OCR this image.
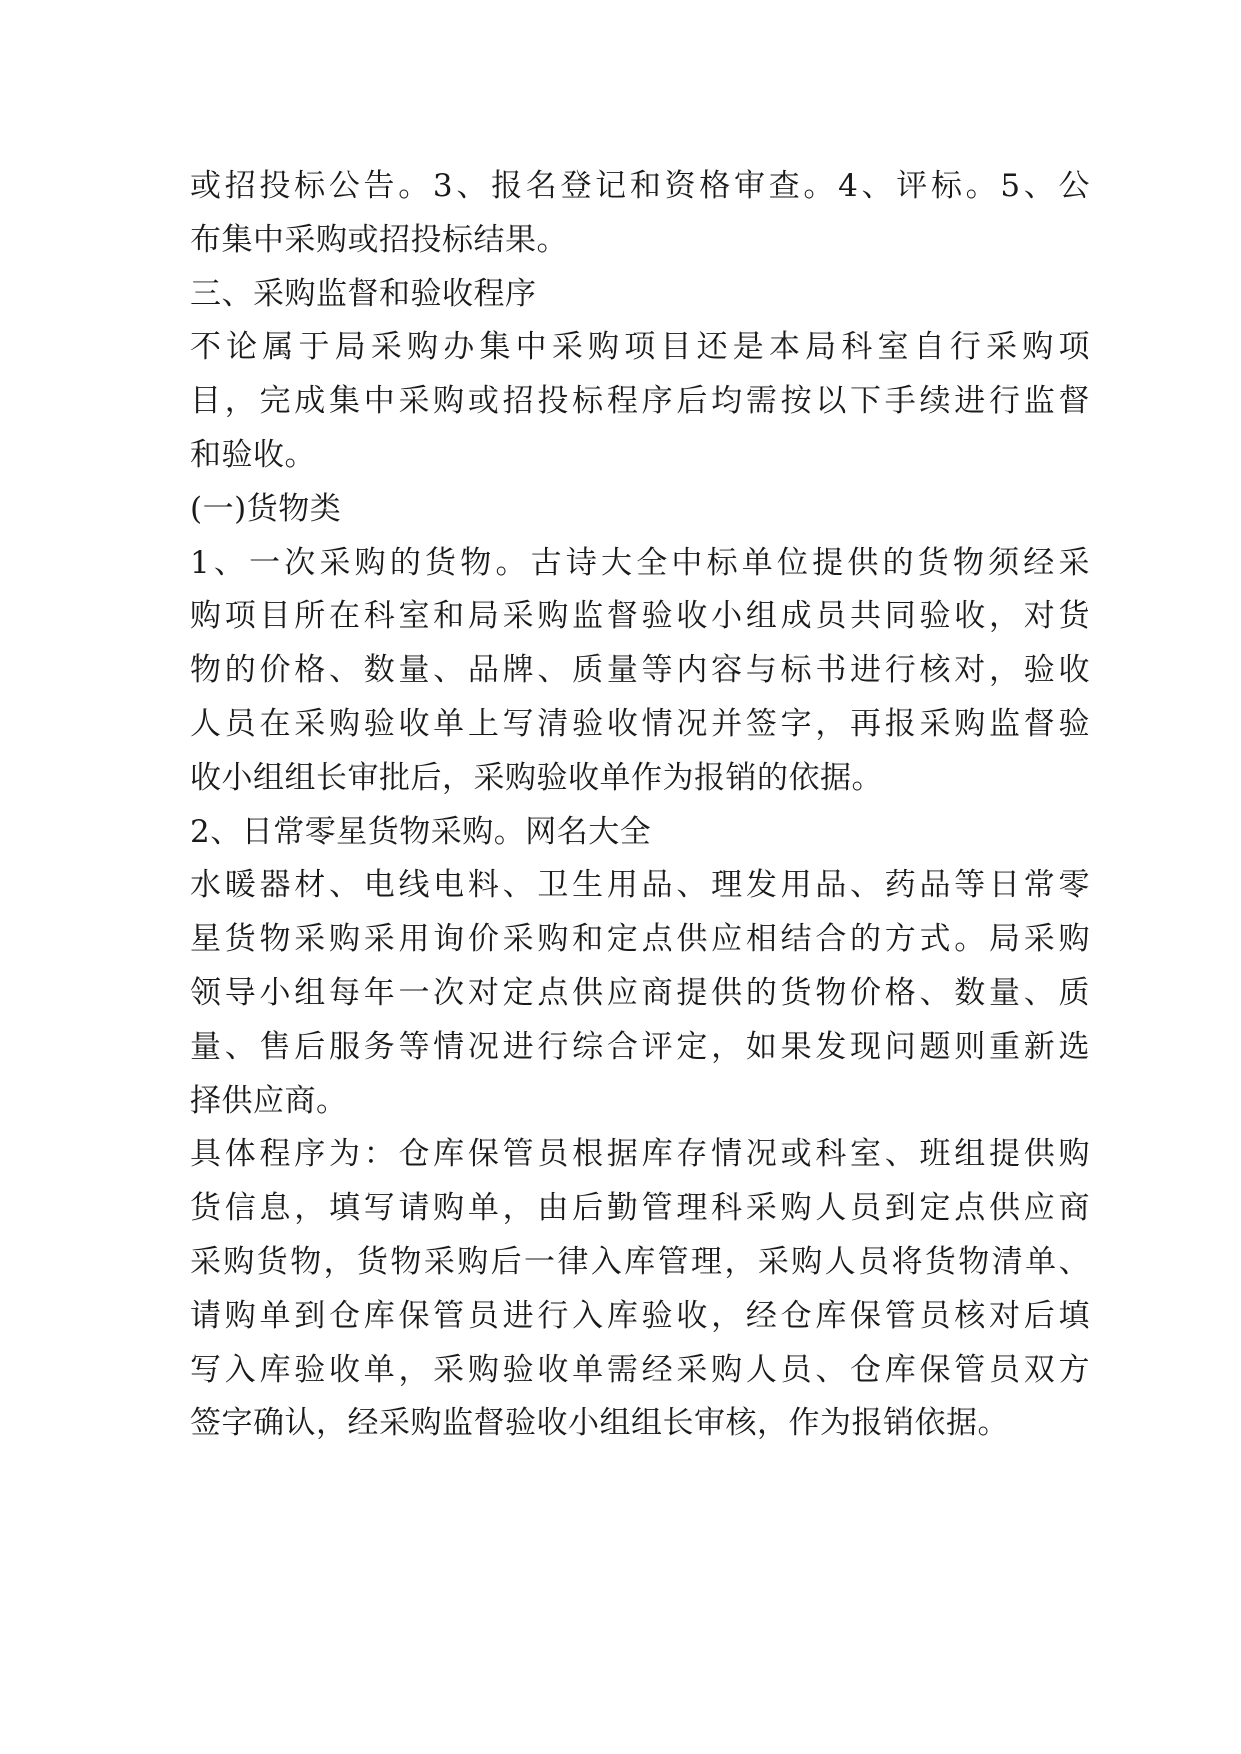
或招投标公告。3、报名登记和资格审查。4、评标。5、公
布集中采购或招投标结果。
三、采购监督和验收程序
不论属于局采购办集中采购项目还是本局科室自行采购项
目，完成集中采购或招投标程序后均需按以下手续进行监督
和验收。
(一)货物类
1、一次采购的货物。古诗大全中标单位提供的货物须经采
购项目所在科室和局采购监督验收小组成员共同验收，对货
物的价格、数量、品牌、质量等内容与标书进行核对，验收
人员在采购验收单上写清验收情况并签字，再报采购监督验
收小组组长审批后，采购验收单作为报销的依据。
2、日常零星货物采购。网名大全
水暖器材、电线电料、卫生用品、理发用品、药品等日常零
星货物采购采用询价采购和定点供应相结合的方式。局采购
领导小组每年一次对定点供应商提供的货物价格、数量、质
量、售后服务等情况进行综合评定，如果发现问题则重新选
择供应商。
具体程序为：仓库保管员根据库存情况或科室、班组提供购
货信息，填写请购单，由后勤管理科采购人员到定点供应商
采购货物，货物采购后一律入库管理，采购人员将货物清单、
请购单到仓库保管员进行入库验收，经仓库保管员核对后填
写入库验收单，采购验收单需经采购人员、仓库保管员双方
签字确认，经采购监督验收小组组长审核，作为报销依据。
